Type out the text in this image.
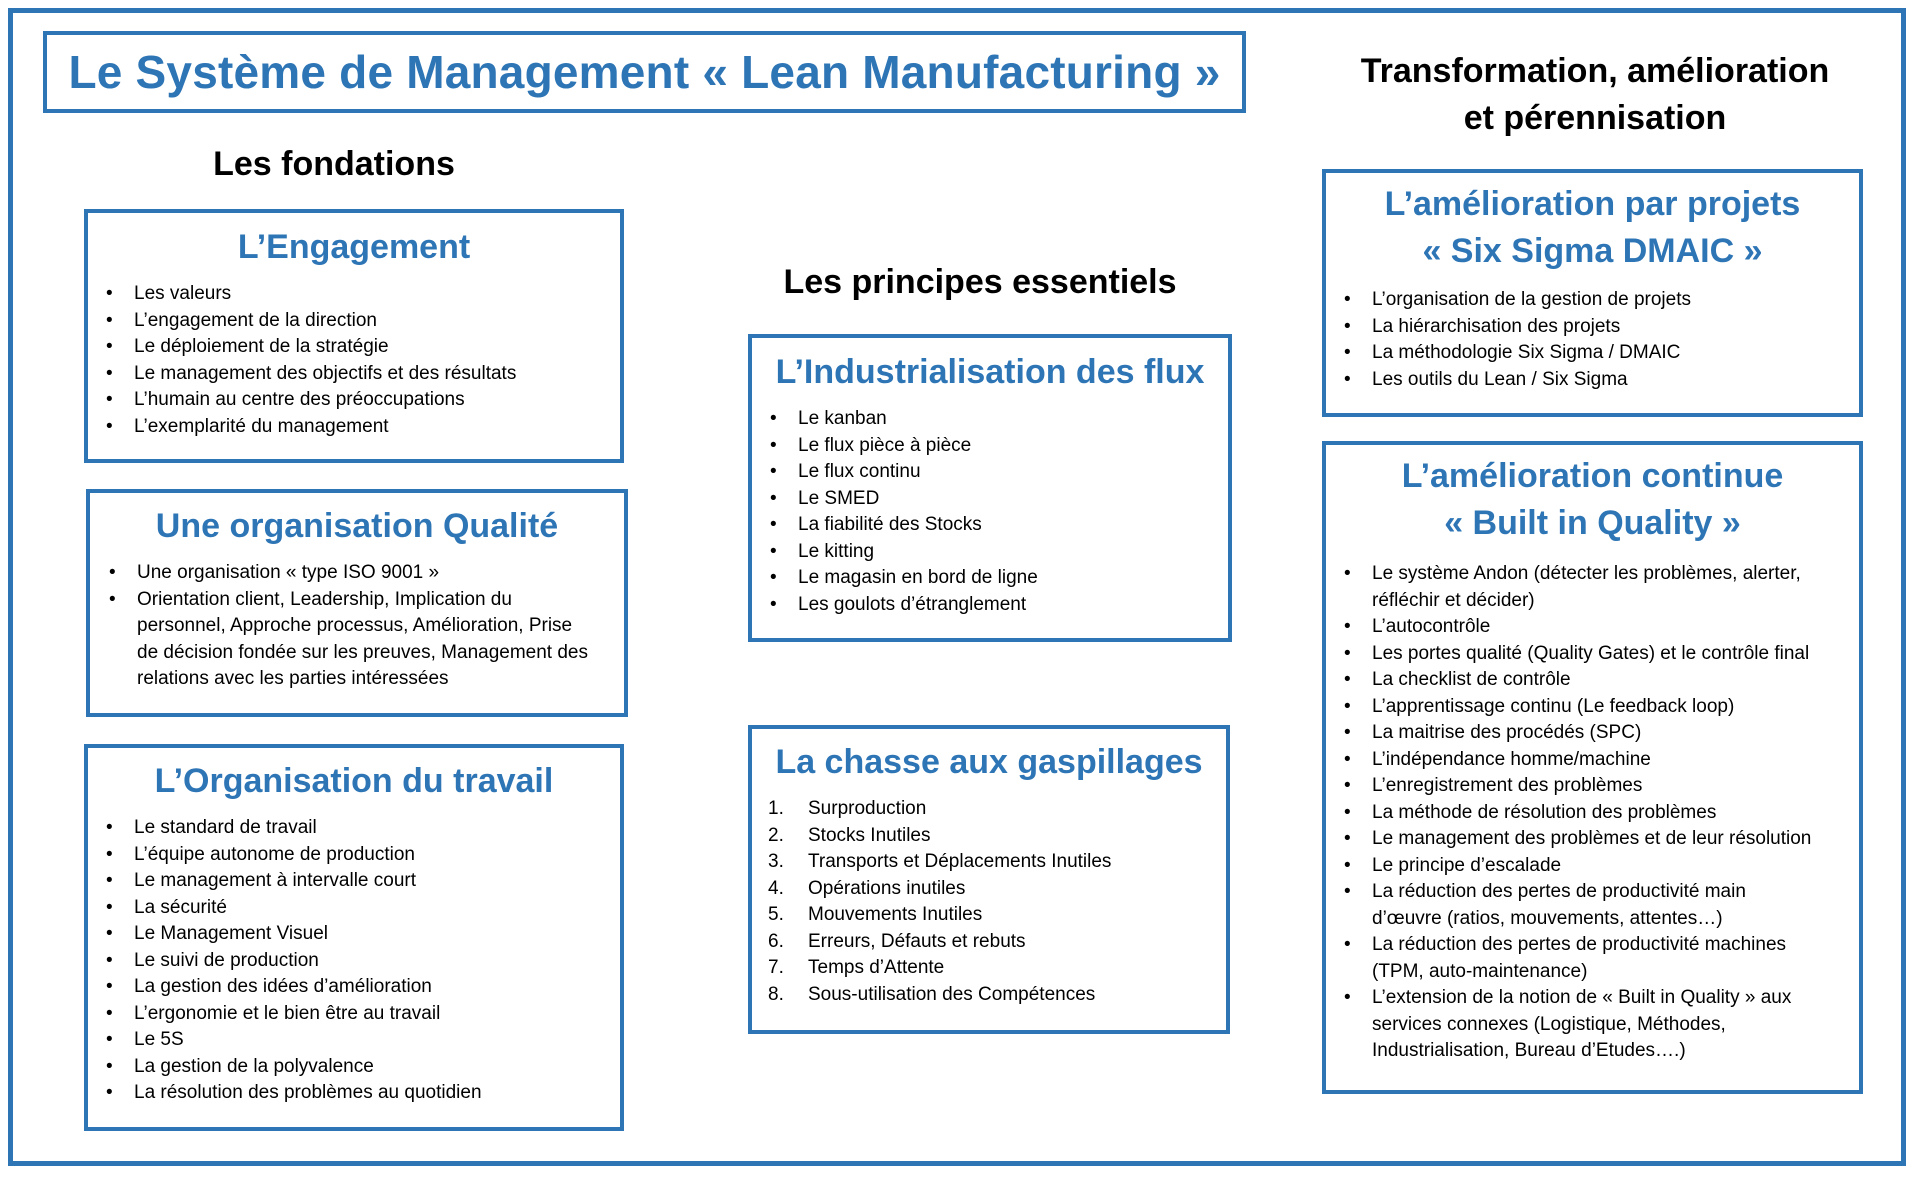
Le Système de Management « Lean Manufacturing »
Les fondations
Les principes essentiels
Transformation, amélioration
et pérennisation
L’Engagement
• Les valeurs
• L’engagement de la direction
• Le déploiement de la stratégie
• Le management des objectifs et des résultats
• L’humain au centre des préoccupations
• L’exemplarité du management
Une organisation Qualité
• Une organisation « type ISO 9001 »
• Orientation client, Leadership, Implication du
personnel, Approche processus, Amélioration, Prise
de décision fondée sur les preuves, Management des
relations avec les parties intéressées
L’Organisation du travail
• Le standard de travail
• L’équipe autonome de production
• Le management à intervalle court
• La sécurité
• Le Management Visuel
• Le suivi de production
• La gestion des idées d’amélioration
• L’ergonomie et le bien être au travail
• Le 5S
• La gestion de la polyvalence
• La résolution des problèmes au quotidien
L’Industrialisation des flux
• Le kanban
• Le flux pièce à pièce
• Le flux continu
• Le SMED
• La fiabilité des Stocks
• Le kitting
• Le magasin en bord de ligne
• Les goulots d’étranglement
La chasse aux gaspillages
1. Surproduction
2. Stocks Inutiles
3. Transports et Déplacements Inutiles
4. Opérations inutiles
5. Mouvements Inutiles
6. Erreurs, Défauts et rebuts
7. Temps d’Attente
8. Sous-utilisation des Compétences
L’amélioration par projets
« Six Sigma DMAIC »
• L’organisation de la gestion de projets
• La hiérarchisation des projets
• La méthodologie Six Sigma / DMAIC
• Les outils du Lean / Six Sigma
L’amélioration continue
« Built in Quality »
• Le système Andon (détecter les problèmes, alerter,
réfléchir et décider)
• L’autocontrôle
• Les portes qualité (Quality Gates) et le contrôle final
• La checklist de contrôle
• L’apprentissage continu (Le feedback loop)
• La maitrise des procédés (SPC)
• L’indépendance homme/machine
• L’enregistrement des problèmes
• La méthode de résolution des problèmes
• Le management des problèmes et de leur résolution
• Le principe d’escalade
• La réduction des pertes de productivité main
d’œuvre (ratios, mouvements, attentes…)
• La réduction des pertes de productivité machines
(TPM, auto-maintenance)
• L’extension de la notion de « Built in Quality » aux
services connexes (Logistique, Méthodes,
Industrialisation, Bureau d’Etudes….)
